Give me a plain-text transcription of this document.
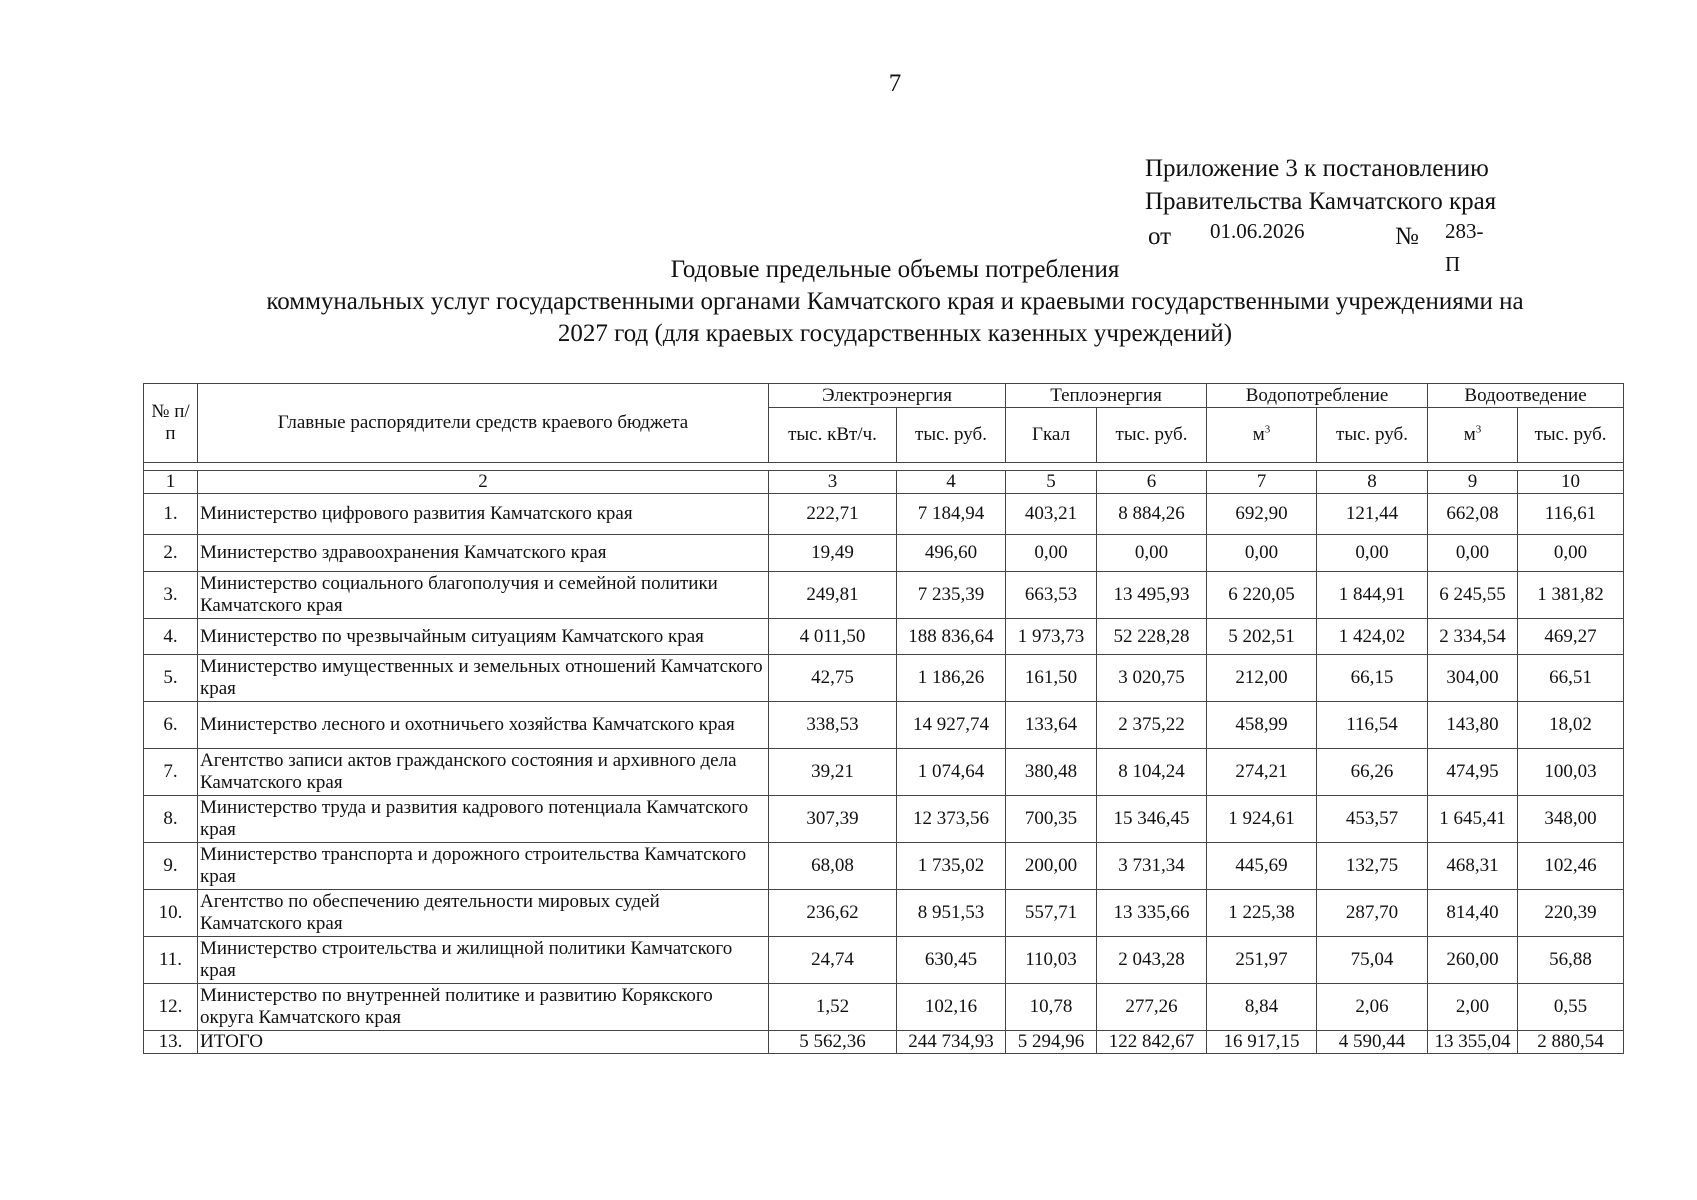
7
Приложение 3 к постановлению
Правительства Камчатского края
от 01.06.2026	№ 283-П
Годовые предельные объемы потребления
коммунальных услуг государственными органами Камчатского края и краевыми государственными учреждениями на
2027 год (для краевых государственных казенных учреждений)
№ п/п	Главные распорядители средств краевого бюджета	Электроэнергия		Теплоэнергия		Водопотребление		Водоотведение	
		тыс. кВт/ч.	тыс. руб.	Гкал	тыс. руб.	$м^3$	тыс. руб.	$м^3$	тыс. руб.

1	2	3	4	5	6	7	8	9	10
1.	Министерство цифрового развития Камчатского края	222,71	7 184,94	403,21	8 884,26	692,90	121,44	662,08	116,61
2.	Министерство здравоохранения Камчатского края	19,49	496,60	0,00	0,00	0,00	0,00	0,00	0,00
3.	Министерство социального благополучия и семейной политики Камчатского края	249,81	7 235,39	663,53	13 495,93	6 220,05	1 844,91	6 245,55	1 381,82
4.	Министерство по чрезвычайным ситуациям Камчатского края	4 011,50	188 836,64	1 973,73	52 228,28	5 202,51	1 424,02	2 334,54	469,27
5.	Министерство имущественных и земельных отношений Камчатского края	42,75	1 186,26	161,50	3 020,75	212,00	66,15	304,00	66,51
6.	Министерство лесного и охотничьего хозяйства Камчатского края	338,53	14 927,74	133,64	2 375,22	458,99	116,54	143,80	18,02
7.	Агентство записи актов гражданского состояния и архивного дела Камчатского края	39,21	1 074,64	380,48	8 104,24	274,21	66,26	474,95	100,03
8.	Министерство труда и развития кадрового потенциала Камчатского края	307,39	12 373,56	700,35	15 346,45	1 924,61	453,57	1 645,41	348,00
9.	Министерство транспорта и дорожного строительства Камчатского края	68,08	1 735,02	200,00	3 731,34	445,69	132,75	468,31	102,46
10.	Агентство по обеспечению деятельности мировых судей Камчатского края	236,62	8 951,53	557,71	13 335,66	1 225,38	287,70	814,40	220,39
11.	Министерство строительства и жилищной политики Камчатского края	24,74	630,45	110,03	2 043,28	251,97	75,04	260,00	56,88
12.	Министерство по внутренней политике и развитию Корякского округа Камчатского края	1,52	102,16	10,78	277,26	8,84	2,06	2,00	0,55
13.	ИТОГО	5 562,36	244 734,93	5 294,96	122 842,67	16 917,15	4 590,44	13 355,04	2 880,54
